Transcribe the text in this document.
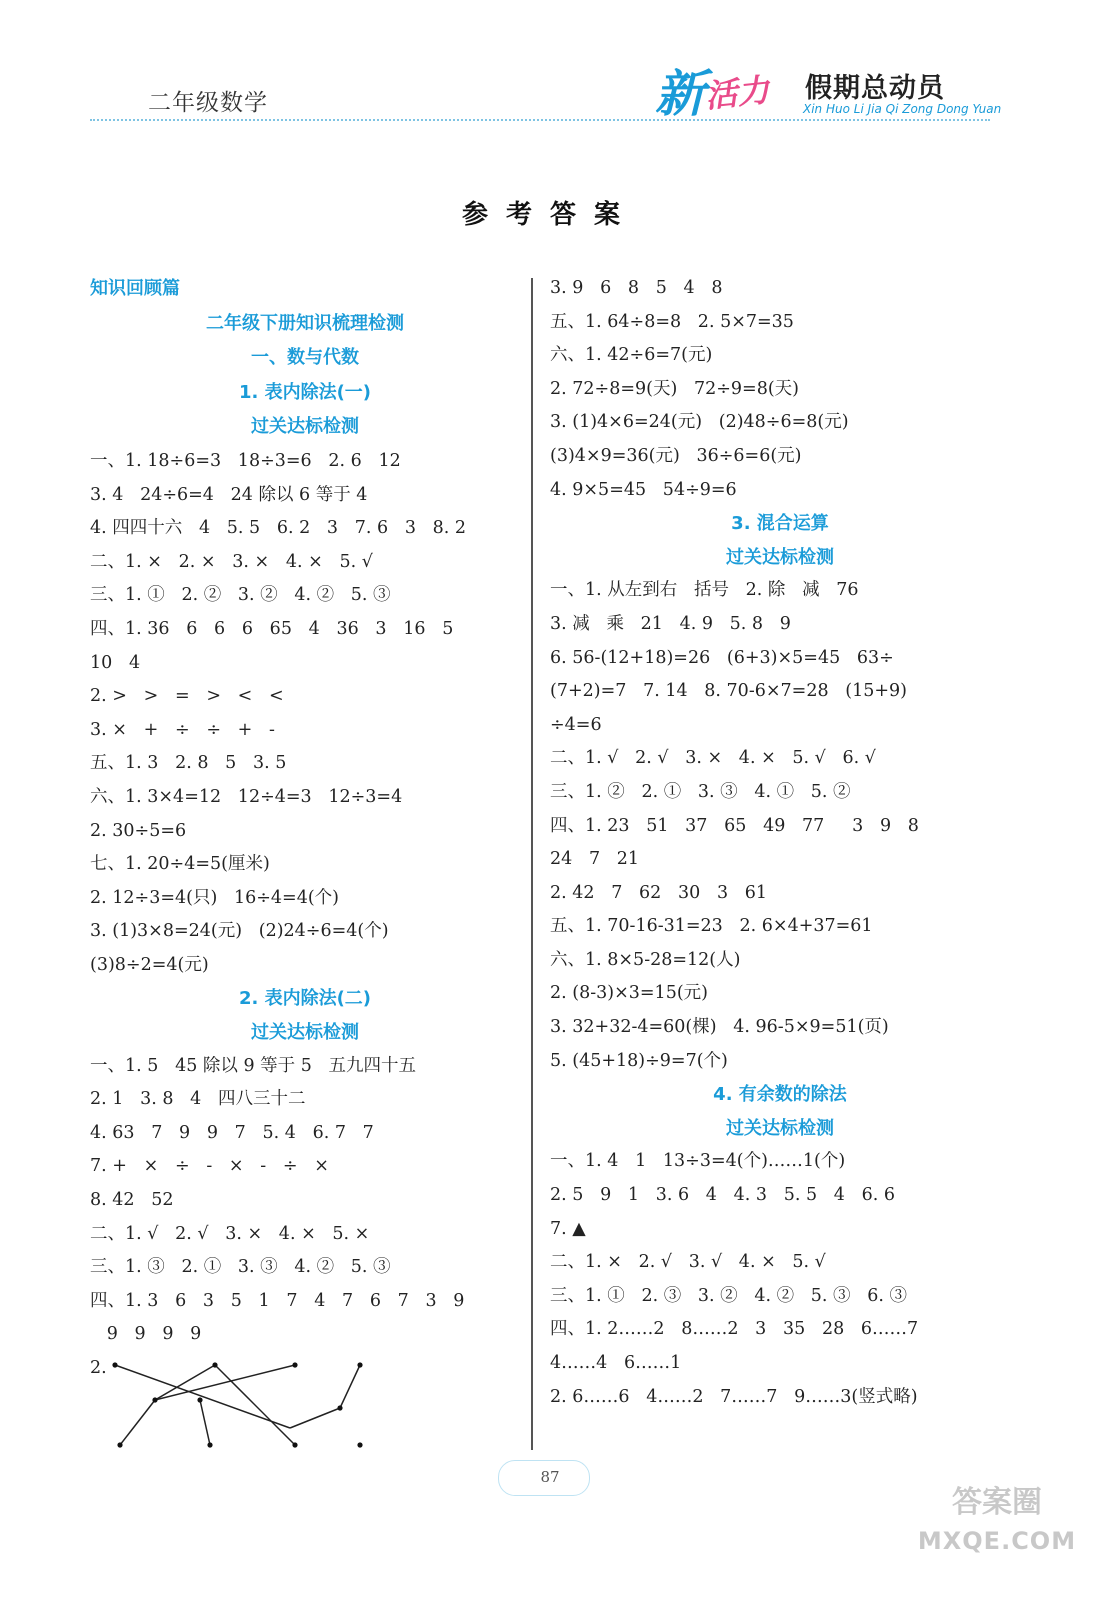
二年级数学	新
活力 假期总动员
Xin Huo Li Jia Qi Zong Dong Yuan
参考答案
知识回顾篇
二年级下册知识梳理检测
一、数与代数
1. 表内除法(一)
过关达标检测
一、1. 18÷6=3   18÷3=6   2. 6   12
3. 4   24÷6=4   24 除以 6 等于 4
4. 四四十六   4   5. 5   6. 2   3   7. 6   3   8. 2
二、1. ×   2. ×   3. ×   4. ×   5. √
三、1. ①   2. ②   3. ②   4. ②   5. ③
四、1. 36   6   6   6   65   4   36   3   16   5
10   4
2. >   >   =   >   <   <
3. ×   +   ÷   ÷   +   -
五、1. 3   2. 8   5   3. 5
六、1. 3×4=12   12÷4=3   12÷3=4
2. 30÷5=6
七、1. 20÷4=5(厘米)
2. 12÷3=4(只)   16÷4=4(个)
3. (1)3×8=24(元)   (2)24÷6=4(个)
(3)8÷2=4(元)
2. 表内除法(二)
过关达标检测
一、1. 5   45 除以 9 等于 5   五九四十五
2. 1   3. 8   4   四八三十二
4. 63   7   9   9   7   5. 4   6. 7   7
7. +   ×   ÷   -   ×   -   ÷   ×
8. 42   52
二、1. √   2. √   3. ×   4. ×   5. ×
三、1. ③   2. ①   3. ③   4. ②   5. ③
四、1. 3   6   3   5   1   7   4   7   6   7   3   9
9   9   9   9
2.
3. 9   6   8   5   4   8
五、1. 64÷8=8   2. 5×7=35
六、1. 42÷6=7(元)
2. 72÷8=9(天)   72÷9=8(天)
3. (1)4×6=24(元)   (2)48÷6=8(元)
(3)4×9=36(元)   36÷6=6(元)
4. 9×5=45   54÷9=6
3. 混合运算
过关达标检测
一、1. 从左到右   括号   2. 除   减   76
3. 减   乘   21   4. 9   5. 8   9
6. 56-(12+18)=26   (6+3)×5=45   63÷
(7+2)=7   7. 14   8. 70-6×7=28   (15+9)
÷4=6
二、1. √   2. √   3. ×   4. ×   5. √   6. √
三、1. ②   2. ①   3. ③   4. ①   5. ②
四、1. 23   51   37   65   49   77     3   9   8
24   7   21
2. 42   7   62   30   3   61
五、1. 70-16-31=23   2. 6×4+37=61
六、1. 8×5-28=12(人)
2. (8-3)×3=15(元)
3. 32+32-4=60(棵)   4. 96-5×9=51(页)
5. (45+18)÷9=7(个)
4. 有余数的除法
过关达标检测
一、1. 4   1   13÷3=4(个)……1(个)
2. 5   9   1   3. 6   4   4. 3   5. 5   4   6. 6
7. ▲
二、1. ×   2. √   3. √   4. ×   5. √
三、1. ①   2. ③   3. ②   4. ②   5. ③   6. ③
四、1. 2……2   8……2   3   35   28   6……7
4……4   6……1
2. 6……6   4……2   7……7   9……3(竖式略)
87
答案圈
MXQE.COM
